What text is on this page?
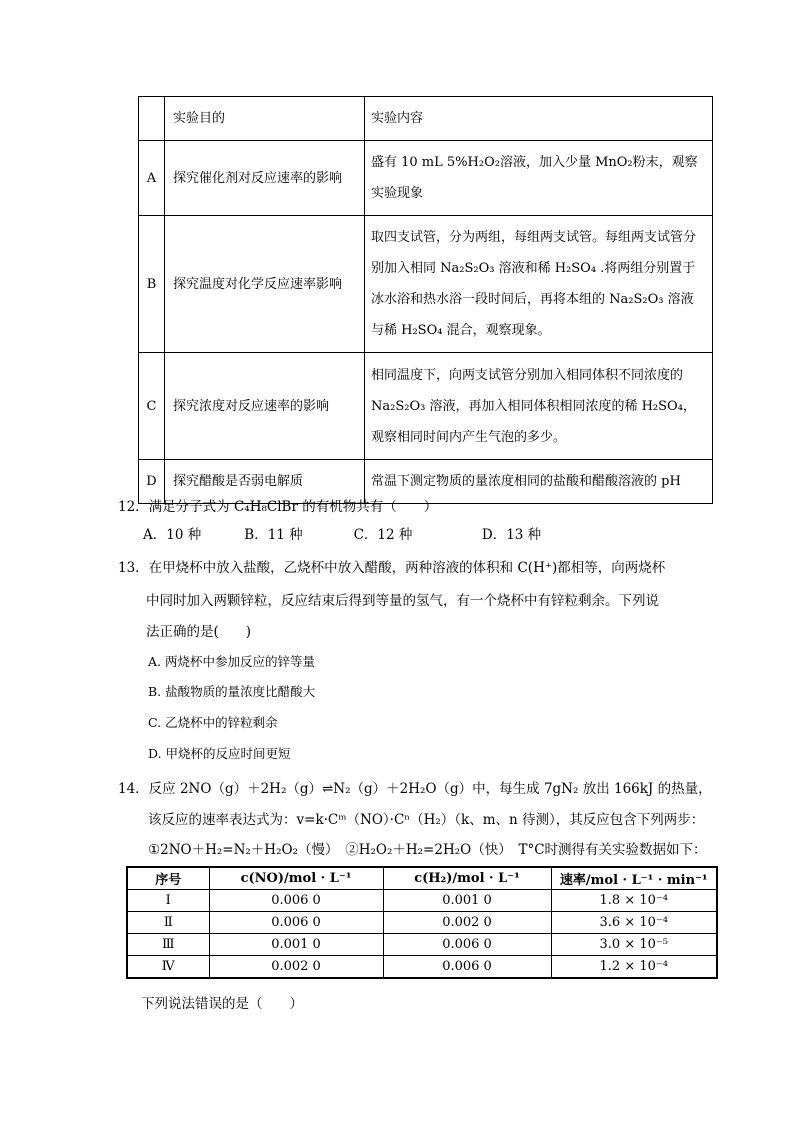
	实验目的	实验内容
A	探究催化剂对反应速率的影响	盛有 10 mL 5%H₂O₂溶液，加入少量 MnO₂粉末，观察实验现象
B	探究温度对化学反应速率影响	取四支试管，分为两组，每组两支试管。每组两支试管分别加入相同 Na₂S₂O₃ 溶液和稀 H₂SO₄ .将两组分别置于冰水浴和热水浴一段时间后，再将本组的 Na₂S₂O₃ 溶液与稀 H₂SO₄ 混合，观察现象。
C	探究浓度对反应速率的影响	相同温度下，向两支试管分别加入相同体积不同浓度的 Na₂S₂O₃ 溶液，再加入相同体积相同浓度的稀 H₂SO₄，观察相同时间内产生气泡的多少。
D	探究醋酸是否弱电解质	常温下测定物质的量浓度相同的盐酸和醋酸溶液的 pH
12．满足分子式为 C₄H₈ClBr 的有机物共有（　　）
A．10 种	B．11 种	C．12 种	D．13 种
13．在甲烧杯中放入盐酸，乙烧杯中放入醋酸，两种溶液的体积和 C(H⁺)都相等，向两烧杯
中同时加入两颗锌粒，反应结束后得到等量的氢气，有一个烧杯中有锌粒剩余。下列说
法正确的是(　　)
A. 两烧杯中参加反应的锌等量
B. 盐酸物质的量浓度比醋酸大
C. 乙烧杯中的锌粒剩余
D. 甲烧杯的反应时间更短
14．反应 2NO（g）＋2H₂（g）⇌N₂（g）＋2H₂O（g）中，每生成 7gN₂ 放出 166kJ 的热量，
该反应的速率表达式为：v=k·Cᵐ（NO）·Cⁿ（H₂）（k、m、n 待测），其反应包含下列两步：
①2NO＋H₂=N₂＋H₂O₂（慢）　②H₂O₂＋H₂=2H₂O（快）　T°C时测得有关实验数据如下：
序号	c(NO)/mol · L⁻¹	c(H₂)/mol · L⁻¹	速率/mol · L⁻¹ · min⁻¹
Ⅰ	0.006 0	0.001 0	1.8 × 10⁻⁴
Ⅱ	0.006 0	0.002 0	3.6 × 10⁻⁴
Ⅲ	0.001 0	0.006 0	3.0 × 10⁻⁵
Ⅳ	0.002 0	0.006 0	1.2 × 10⁻⁴
下列说法错误的是（　　）
